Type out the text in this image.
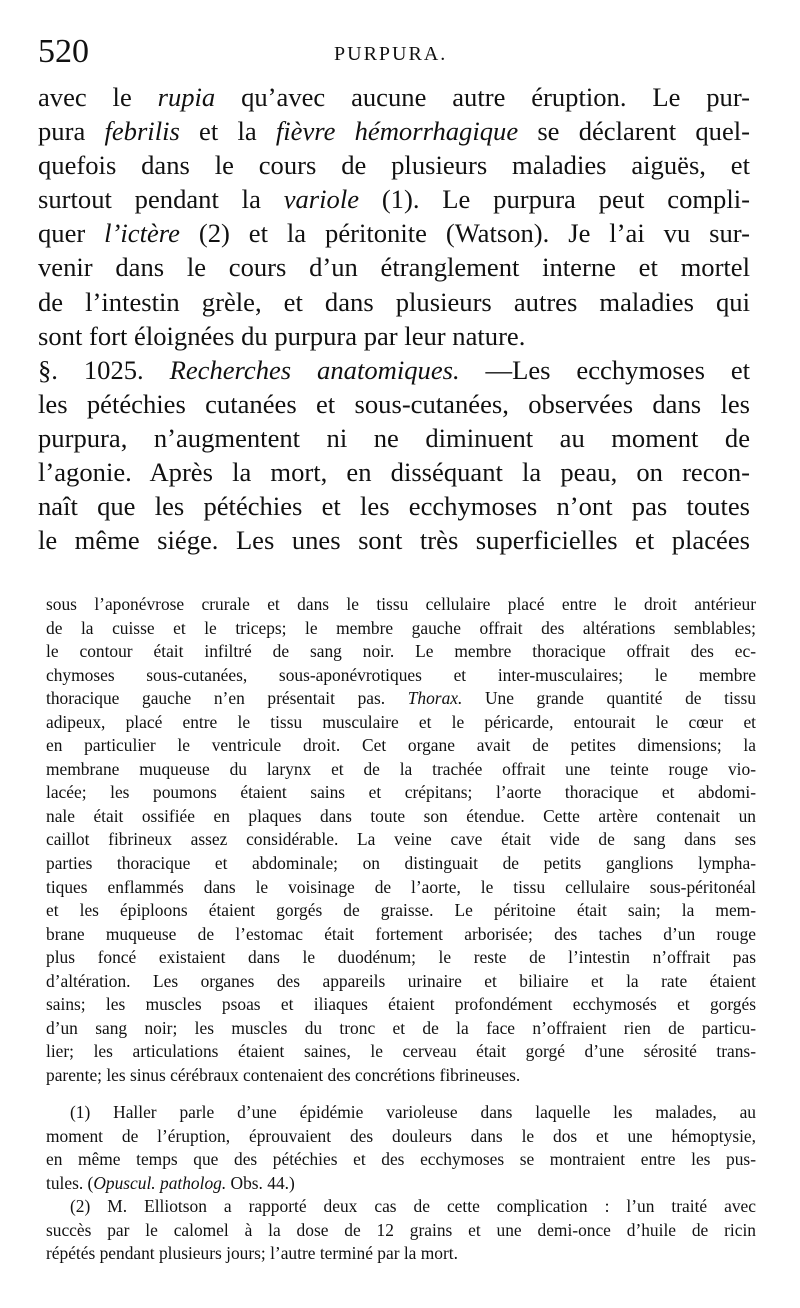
520	PURPURA.
avec le rupia qu’avec aucune autre éruption. Le pur-
pura febrilis et la fièvre hémorrhagique se déclarent quel-
quefois dans le cours de plusieurs maladies aiguës, et
surtout pendant la variole (1). Le purpura peut compli-
quer l’ictère (2) et la péritonite (Watson). Je l’ai vu sur-
venir dans le cours d’un étranglement interne et mortel
de l’intestin grèle, et dans plusieurs autres maladies qui
sont fort éloignées du purpura par leur nature.
§. 1025. Recherches anatomiques. —Les ecchymoses et
les pétéchies cutanées et sous-cutanées, observées dans les
purpura, n’augmentent ni ne diminuent au moment de
l’agonie. Après la mort, en disséquant la peau, on recon-
naît que les pétéchies et les ecchymoses n’ont pas toutes
le même siége. Les unes sont très superficielles et placées
sous l’aponévrose crurale et dans le tissu cellulaire placé entre le droit antérieur
de la cuisse et le triceps; le membre gauche offrait des altérations semblables;
le contour était infiltré de sang noir. Le membre thoracique offrait des ec-
chymoses sous-cutanées, sous-aponévrotiques et inter-musculaires; le membre
thoracique gauche n’en présentait pas. Thorax. Une grande quantité de tissu
adipeux, placé entre le tissu musculaire et le péricarde, entourait le cœur et
en particulier le ventricule droit. Cet organe avait de petites dimensions; la
membrane muqueuse du larynx et de la trachée offrait une teinte rouge vio-
lacée; les poumons étaient sains et crépitans; l’aorte thoracique et abdomi-
nale était ossifiée en plaques dans toute son étendue. Cette artère contenait un
caillot fibrineux assez considérable. La veine cave était vide de sang dans ses
parties thoracique et abdominale; on distinguait de petits ganglions lympha-
tiques enflammés dans le voisinage de l’aorte, le tissu cellulaire sous-péritonéal
et les épiploons étaient gorgés de graisse. Le péritoine était sain; la mem-
brane muqueuse de l’estomac était fortement arborisée; des taches d’un rouge
plus foncé existaient dans le duodénum; le reste de l’intestin n’offrait pas
d’altération. Les organes des appareils urinaire et biliaire et la rate étaient
sains; les muscles psoas et iliaques étaient profondément ecchymosés et gorgés
d’un sang noir; les muscles du tronc et de la face n’offraient rien de particu-
lier; les articulations étaient saines, le cerveau était gorgé d’une sérosité trans-
parente; les sinus cérébraux contenaient des concrétions fibrineuses.
(1) Haller parle d’une épidémie varioleuse dans laquelle les malades, au
moment de l’éruption, éprouvaient des douleurs dans le dos et une hémoptysie,
en même temps que des pétéchies et des ecchymoses se montraient entre les pus-
tules. (Opuscul. patholog. Obs. 44.)
(2) M. Elliotson a rapporté deux cas de cette complication : l’un traité avec
succès par le calomel à la dose de 12 grains et une demi-once d’huile de ricin
répétés pendant plusieurs jours; l’autre terminé par la mort.
